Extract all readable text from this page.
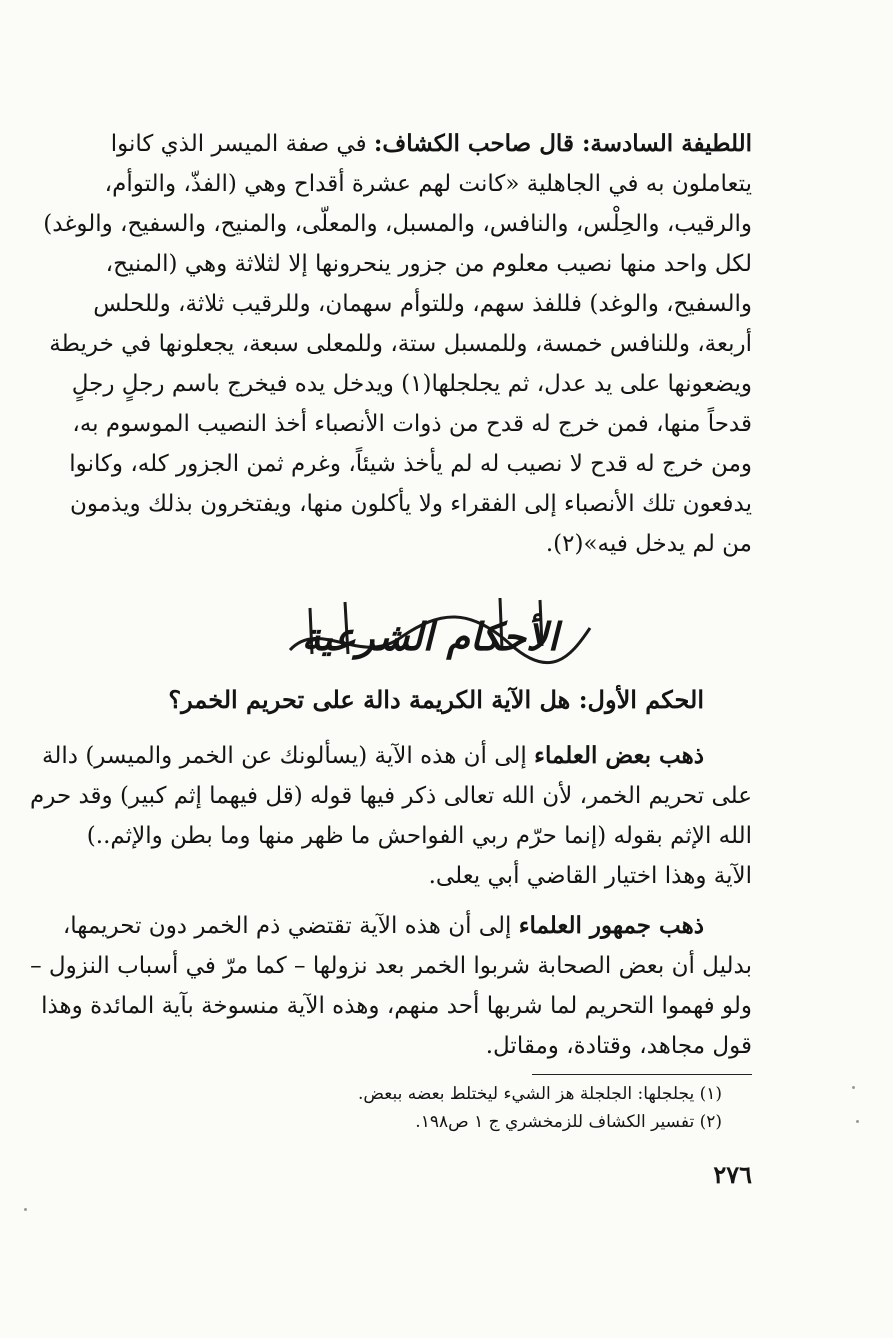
اللطيفة السادسة: قال صاحب الكشاف: في صفة الميسر الذي كانوا

يتعاملون به في الجاهلية «كانت لهم عشرة أقداح وهي (الفذّ، والتوأم،

والرقيب، والحِلْس، والنافس، والمسبل، والمعلّى، والمنيح، والسفيح، والوغد)

لكل واحد منها نصيب معلوم من جزور ينحرونها إلا لثلاثة وهي (المنيح،

والسفيح، والوغد) فللفذ سهم، وللتوأم سهمان، وللرقيب ثلاثة، وللحلس

أربعة، وللنافس خمسة، وللمسبل ستة، وللمعلى سبعة، يجعلونها في خريطة

ويضعونها على يد عدل، ثم يجلجلها(١) ويدخل يده فيخرج باسم رجلٍ رجلٍ

قدحاً منها، فمن خرج له قدح من ذوات الأنصباء أخذ النصيب الموسوم به،

ومن خرج له قدح لا نصيب له لم يأخذ شيئاً، وغرم ثمن الجزور كله، وكانوا

يدفعون تلك الأنصباء إلى الفقراء ولا يأكلون منها، ويفتخرون بذلك ويذمون

من لم يدخل فيه»(٢).

الأحكام الشرعية
الحكم الأول: هل الآية الكريمة دالة على تحريم الخمر؟

ذهب بعض العلماء إلى أن هذه الآية (يسألونك عن الخمر والميسر) دالة

على تحريم الخمر، لأن الله تعالى ذكر فيها قوله (قل فيهما إثم كبير) وقد حرم

الله الإثم بقوله (إنما حرّم ربي الفواحش ما ظهر منها وما بطن والإثم..)

الآية وهذا اختيار القاضي أبي يعلى.

ذهب جمهور العلماء إلى أن هذه الآية تقتضي ذم الخمر دون تحريمها،

بدليل أن بعض الصحابة شربوا الخمر بعد نزولها – كما مرّ في أسباب النزول –

ولو فهموا التحريم لما شربها أحد منهم، وهذه الآية منسوخة بآية المائدة وهذا

قول مجاهد، وقتادة، ومقاتل.

(١) يجلجلها: الجلجلة هز الشيء ليختلط بعضه ببعض.

(٢) تفسير الكشاف للزمخشري ج ١ ص١٩٨.

٢٧٦
